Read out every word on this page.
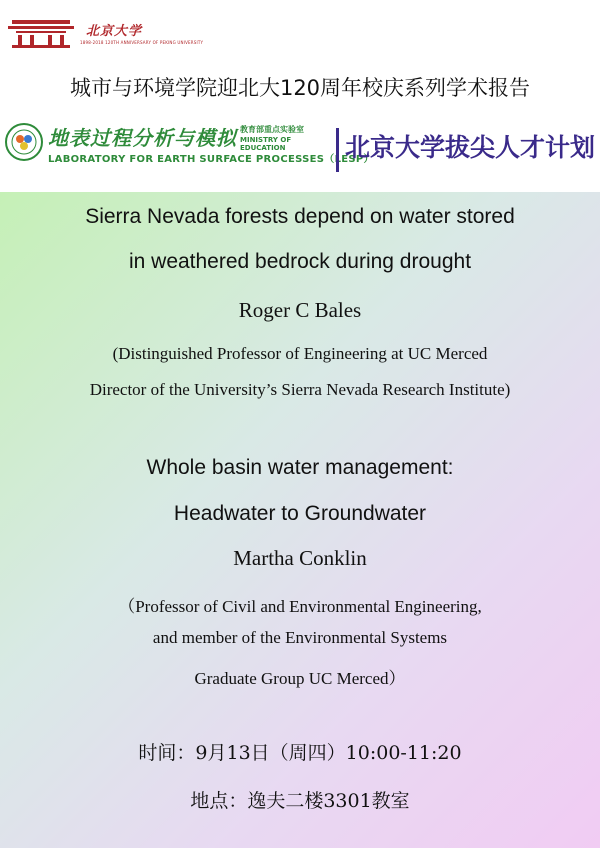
北京大学
1898-2018 120TH ANNIVERSARY OF PEKING UNIVERSITY
城市与环境学院迎北大120周年校庆系列学术报告
地表过程分析与模拟 教育部重点实验室
MINISTRY OF EDUCATION
LABORATORY FOR EARTH SURFACE PROCESSES（LESP）
北京大学拔尖人才计划
Sierra Nevada forests depend on water stored
in weathered bedrock during drought
Roger C Bales
(Distinguished Professor of Engineering at UC Merced
Director of the University’s Sierra Nevada Research Institute)
Whole basin water management:
Headwater to Groundwater
Martha Conklin
（Professor of Civil and Environmental Engineering,
and member of the Environmental Systems
Graduate Group UC Merced）
时间：9月13日（周四）10:00-11:20
地点：逸夫二楼3301教室
